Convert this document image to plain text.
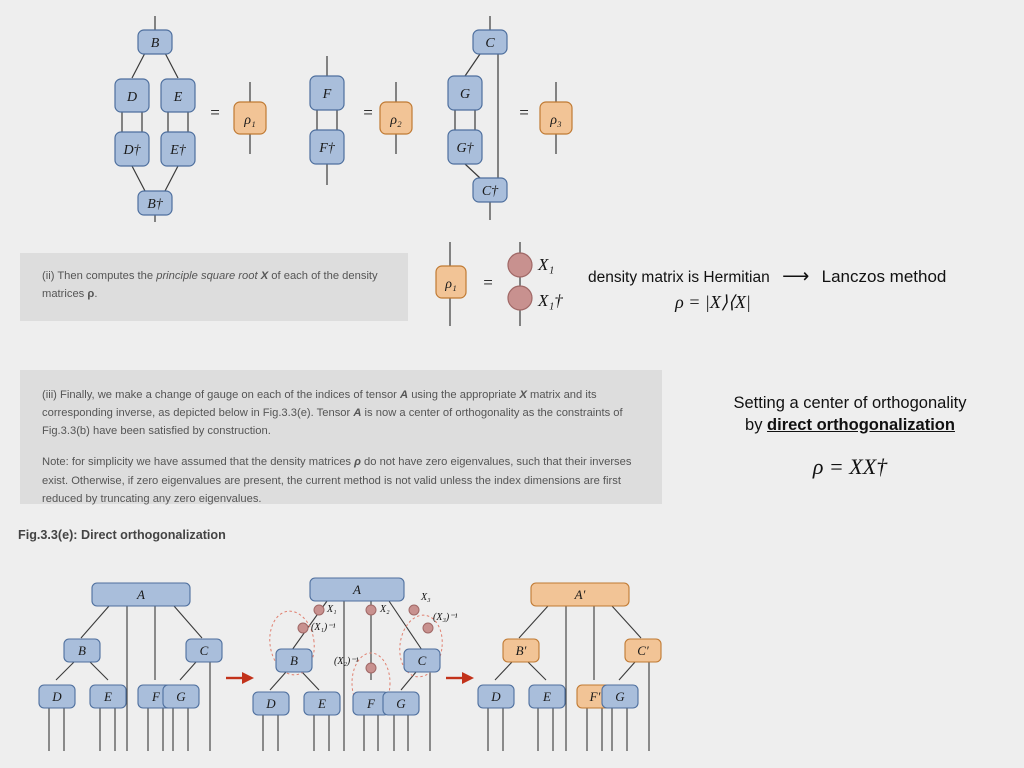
B
D	E
D† E†
B†
= ρ₁
F
F†
= ρ₂
C
G
G†
C†
= ρ₃

(ii) Then computes the principle square root X of each of the density matrices ρ.

ρ₁ =
X₁
X₁†
density matrix is Hermitian ⟶ Lanczos method
ρ = |X⟩⟨X|

(iii) Finally, we make a change of gauge on each of the indices of tensor A using the appropriate X matrix and its corresponding inverse, as depicted below in Fig.3.3(e). Tensor A is now a center of orthogonality as the constraints of Fig.3.3(b) have been satisfied by construction.

Note: for simplicity we have assumed that the density matrices ρ do not have zero eigenvalues, such that their inverses exist. Otherwise, if zero eigenvalues are present, the current method is not valid unless the index dimensions are first reduced by truncating any zero eigenvalues.

Setting a center of orthogonality
by direct orthogonalization
ρ = XX†
Fig.3.3(e): Direct orthogonalization
A
B	C
D	E	F G
X₁
(X₁)⁻¹
X₂
(X₂)⁻¹
X₃
(X₃)⁻¹
A
B	C
D	E	F G
A′
B′	C′
D	E	F′ G
